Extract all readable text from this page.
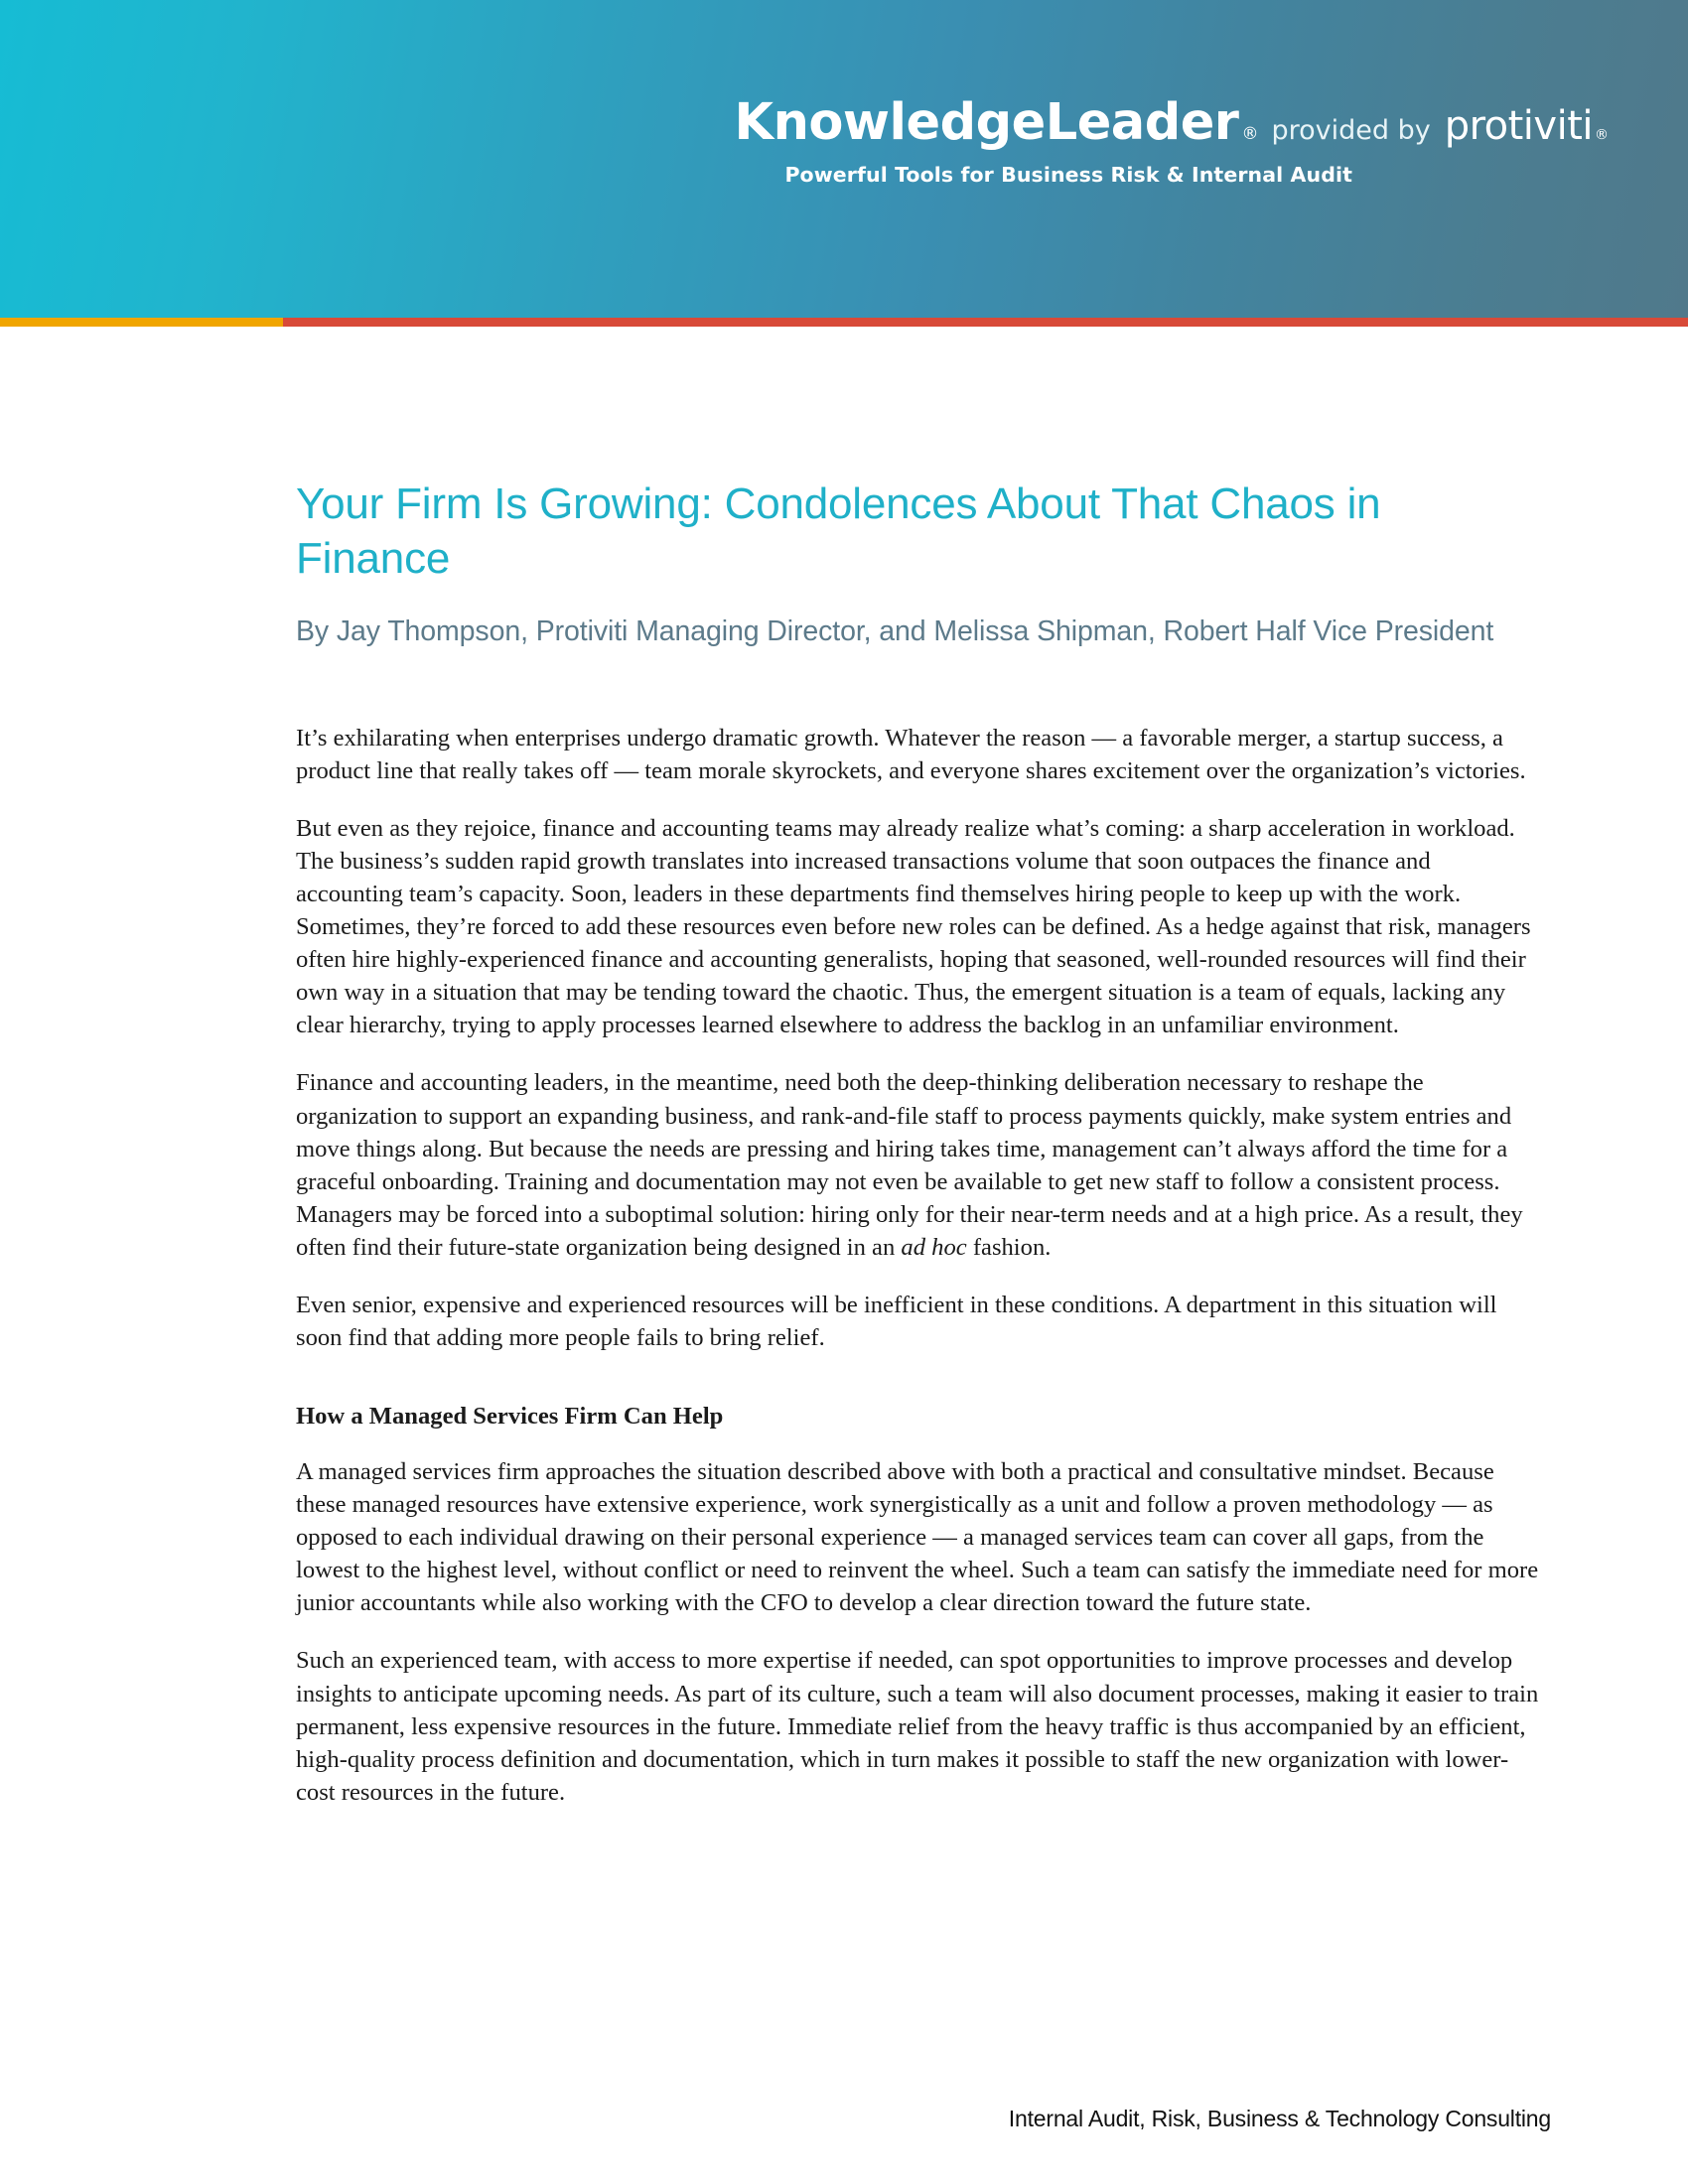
KnowledgeLeader ® provided by protiviti ®
Powerful Tools for Business Risk & Internal Audit
Your Firm Is Growing: Condolences About That Chaos in Finance
By Jay Thompson, Protiviti Managing Director, and Melissa Shipman, Robert Half Vice President

It’s exhilarating when enterprises undergo dramatic growth. Whatever the reason — a favorable merger, a startup success, a product line that really takes off — team morale skyrockets, and everyone shares excitement over the organization’s victories.

But even as they rejoice, finance and accounting teams may already realize what’s coming: a sharp acceleration in workload. The business’s sudden rapid growth translates into increased transactions volume that soon outpaces the finance and accounting team’s capacity. Soon, leaders in these departments find themselves hiring people to keep up with the work. Sometimes, they’re forced to add these resources even before new roles can be defined. As a hedge against that risk, managers often hire highly-experienced finance and accounting generalists, hoping that seasoned, well-rounded resources will find their own way in a situation that may be tending toward the chaotic. Thus, the emergent situation is a team of equals, lacking any clear hierarchy, trying to apply processes learned elsewhere to address the backlog in an unfamiliar environment.

Finance and accounting leaders, in the meantime, need both the deep-thinking deliberation necessary to reshape the organization to support an expanding business, and rank-and-file staff to process payments quickly, make system entries and move things along. But because the needs are pressing and hiring takes time, management can’t always afford the time for a graceful onboarding. Training and documentation may not even be available to get new staff to follow a consistent process. Managers may be forced into a suboptimal solution: hiring only for their near-term needs and at a high price. As a result, they often find their future-state organization being designed in an ad hoc fashion.

Even senior, expensive and experienced resources will be inefficient in these conditions. A department in this situation will soon find that adding more people fails to bring relief.

How a Managed Services Firm Can Help

A managed services firm approaches the situation described above with both a practical and consultative mindset. Because these managed resources have extensive experience, work synergistically as a unit and follow a proven methodology — as opposed to each individual drawing on their personal experience — a managed services team can cover all gaps, from the lowest to the highest level, without conflict or need to reinvent the wheel. Such a team can satisfy the immediate need for more junior accountants while also working with the CFO to develop a clear direction toward the future state.

Such an experienced team, with access to more expertise if needed, can spot opportunities to improve processes and develop insights to anticipate upcoming needs. As part of its culture, such a team will also document processes, making it easier to train permanent, less expensive resources in the future. Immediate relief from the heavy traffic is thus accompanied by an efficient, high-quality process definition and documentation, which in turn makes it possible to staff the new organization with lower-cost resources in the future.

Internal Audit, Risk, Business & Technology Consulting
